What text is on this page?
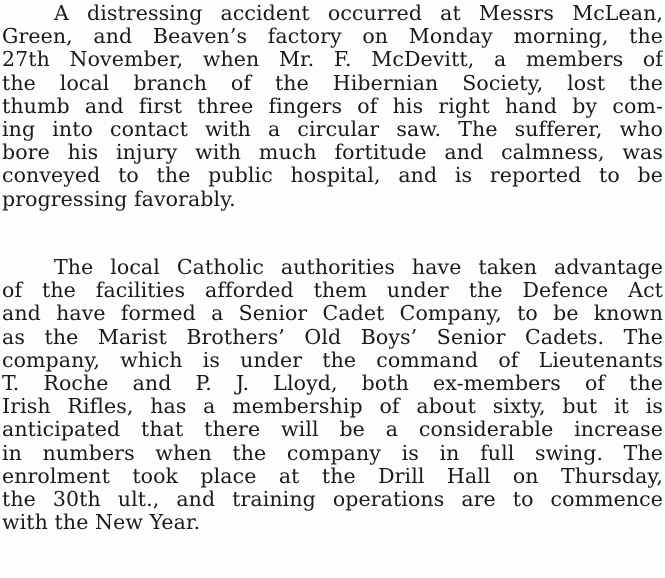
A distressing accident occurred at Messrs McLean,
Green, and Beaven’s factory on Monday morning, the
27th November, when Mr. F. McDevitt, a members of
the local branch of the Hibernian Society, lost the
thumb and first three fingers of his right hand by com-
ing into contact with a circular saw. The sufferer, who
bore his injury with much fortitude and calmness, was
conveyed to the public hospital, and is reported to be
progressing favorably.
The local Catholic authorities have taken advantage
of the facilities afforded them under the Defence Act
and have formed a Senior Cadet Company, to be known
as the Marist Brothers’ Old Boys’ Senior Cadets. The
company, which is under the command of Lieutenants
T. Roche and P. J. Lloyd, both ex-members of the
Irish Rifles, has a membership of about sixty, but it is
anticipated that there will be a considerable increase
in numbers when the company is in full swing. The
enrolment took place at the Drill Hall on Thursday,
the 30th ult., and training operations are to commence
with the New Year.
